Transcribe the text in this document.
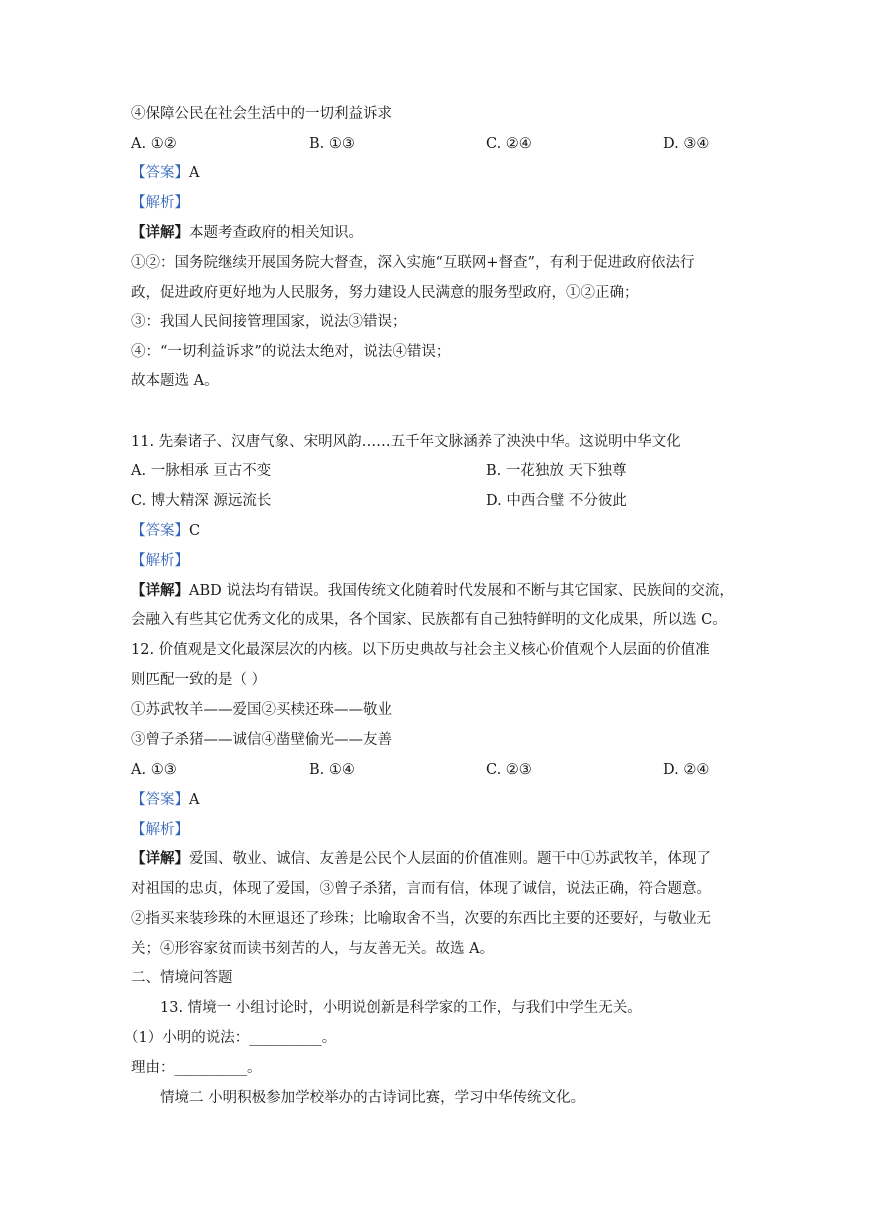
④保障公民在社会生活中的一切利益诉求
A. ①②	B. ①③	C. ②④	D. ③④
【答案】A
【解析】
【详解】本题考查政府的相关知识。
①②：国务院继续开展国务院大督查，深入实施“互联网+督查”，有利于促进政府依法行
政，促进政府更好地为人民服务，努力建设人民满意的服务型政府，①②正确；
③：我国人民间接管理国家，说法③错误；
④：“一切利益诉求”的说法太绝对，说法④错误；
故本题选 A。
11. 先秦诸子、汉唐气象、宋明风韵……五千年文脉涵养了泱泱中华。这说明中华文化
A. 一脉相承 亘古不变	B. 一花独放 天下独尊
C. 博大精深 源远流长	D. 中西合璧 不分彼此
【答案】C
【解析】
【详解】ABD 说法均有错误。我国传统文化随着时代发展和不断与其它国家、民族间的交流，
会融入有些其它优秀文化的成果，各个国家、民族都有自己独特鲜明的文化成果，所以选 C。
12. 价值观是文化最深层次的内核。以下历史典故与社会主义核心价值观个人层面的价值准
则匹配一致的是（ ）
①苏武牧羊——爱国②买椟还珠——敬业
③曾子杀猪——诚信④凿壁偷光——友善
A. ①③	B. ①④	C. ②③	D. ②④
【答案】A
【解析】
【详解】爱国、敬业、诚信、友善是公民个人层面的价值准则。题干中①苏武牧羊，体现了
对祖国的忠贞，体现了爱国，③曾子杀猪，言而有信，体现了诚信，说法正确，符合题意。
②指买来装珍珠的木匣退还了珍珠；比喻取舍不当，次要的东西比主要的还要好，与敬业无
关；④形容家贫而读书刻苦的人，与友善无关。故选 A。
二、情境问答题
13. 情境一 小组讨论时，小明说创新是科学家的工作，与我们中学生无关。
（1）小明的说法：__________。
理由：__________。
情境二 小明积极参加学校举办的古诗词比赛，学习中华传统文化。
